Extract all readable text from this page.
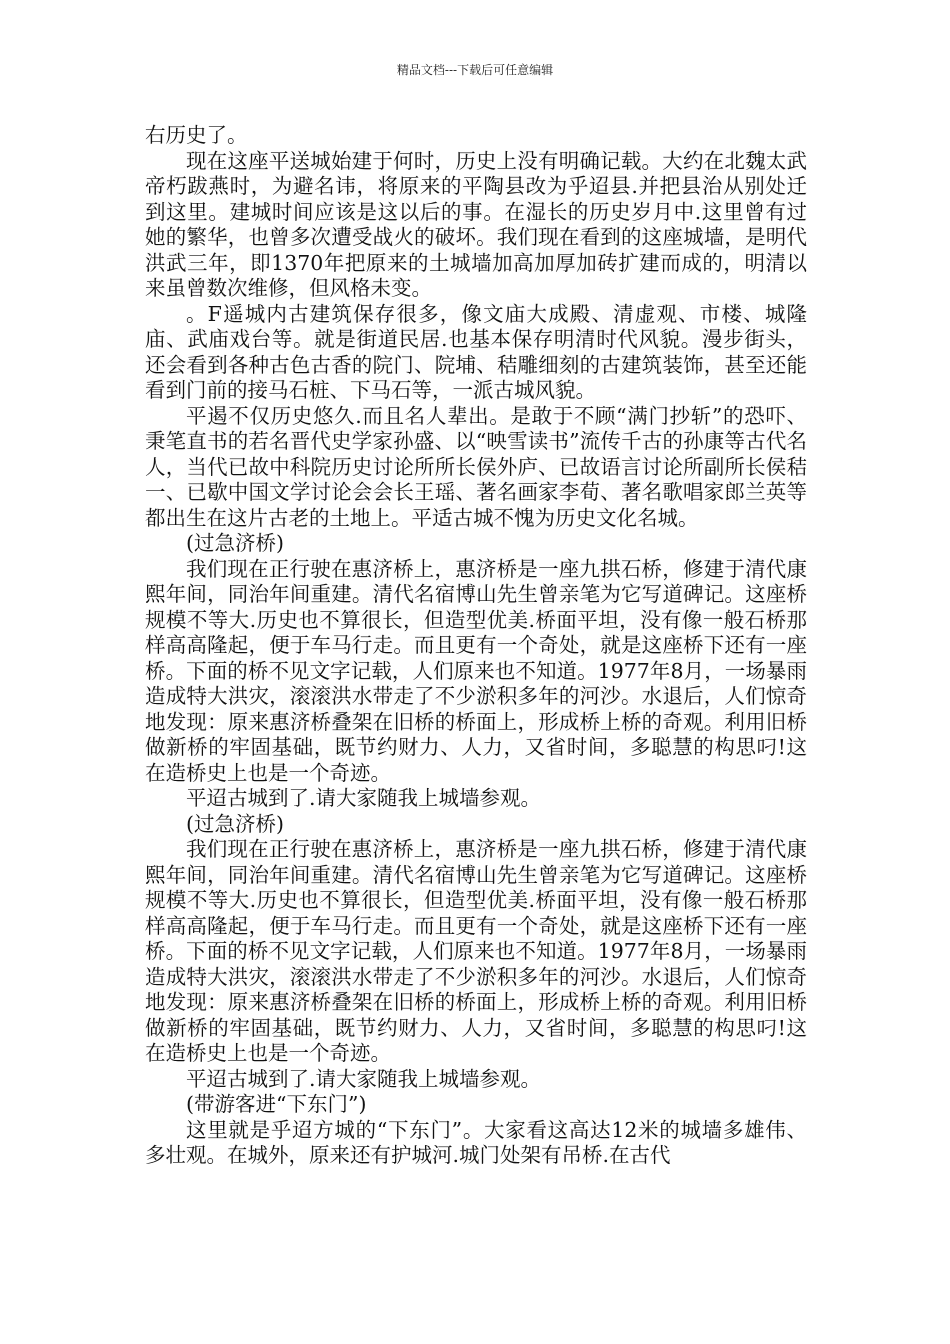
精品文档---下载后可任意编辑

右历史了。

现在这座平送城始建于何时，历史上没有明确记载。大约在北魏太武帝朽跋燕时，为避名讳，将原来的平陶县改为乎迢县.并把县治从别处迁到这里。建城时间应该是这以后的事。在湿长的历史岁月中.这里曾有过她的繁华，也曾多次遭受战火的破坏。我们现在看到的这座城墙，是明代洪武三年，即1370年把原来的土城墙加高加厚加砖扩建而成的，明清以来虽曾数次维修，但风格未变。

。F遥城内古建筑保存很多，像文庙大成殿、清虚观、市楼、城隆庙、武庙戏台等。就是街道民居.也基本保存明清时代风貌。漫步街头，还会看到各种古色古香的院门、院埔、秸雕细刻的古建筑装饰，甚至还能看到门前的接马石桩、下马石等，一派古城风貌。

平遏不仅历史悠久.而且名人辈出。是敢于不顾“满门抄斩”的恐吓、秉笔直书的若名晋代史学家孙盛、以“映雪读书”流传千古的孙康等古代名人，当代已故中科院历史讨论所所长侯外庐、已故语言讨论所副所长侯秸一、已歇中国文学讨论会会长王瑶、著名画家李荀、著名歌唱家郎兰英等都出生在这片古老的土地上。平适古城不愧为历史文化名城。

(过急济桥)

我们现在正行驶在惠济桥上，惠济桥是一座九拱石桥，修建于清代康熙年间，同治年间重建。清代名宿博山先生曾亲笔为它写道碑记。这座桥规模不等大.历史也不算很长，但造型优美.桥面平坦，没有像一般石桥那样高高隆起，便于车马行走。而且更有一个奇处，就是这座桥下还有一座桥。下面的桥不见文字记载，人们原来也不知道。1977年8月，一场暴雨造成特大洪灾，滚滚洪水带走了不少淤积多年的河沙。水退后，人们惊奇地发现：原来惠济桥叠架在旧桥的桥面上，形成桥上桥的奇观。利用旧桥做新桥的牢固基础，既节约财力、人力，又省时间，多聪慧的构思叼!这在造桥史上也是一个奇迹。

平迢古城到了.请大家随我上城墙参观。

(过急济桥)

我们现在正行驶在惠济桥上，惠济桥是一座九拱石桥，修建于清代康熙年间，同治年间重建。清代名宿博山先生曾亲笔为它写道碑记。这座桥规模不等大.历史也不算很长，但造型优美.桥面平坦，没有像一般石桥那样高高隆起，便于车马行走。而且更有一个奇处，就是这座桥下还有一座桥。下面的桥不见文字记载，人们原来也不知道。1977年8月，一场暴雨造成特大洪灾，滚滚洪水带走了不少淤积多年的河沙。水退后，人们惊奇地发现：原来惠济桥叠架在旧桥的桥面上，形成桥上桥的奇观。利用旧桥做新桥的牢固基础，既节约财力、人力，又省时间，多聪慧的构思叼!这在造桥史上也是一个奇迹。

平迢古城到了.请大家随我上城墙参观。

(带游客进“下东门”)

这里就是乎迢方城的“下东门”。大家看这高达12米的城墙多雄伟、多壮观。在城外，原来还有护城河.城门处架有吊桥.在古代
